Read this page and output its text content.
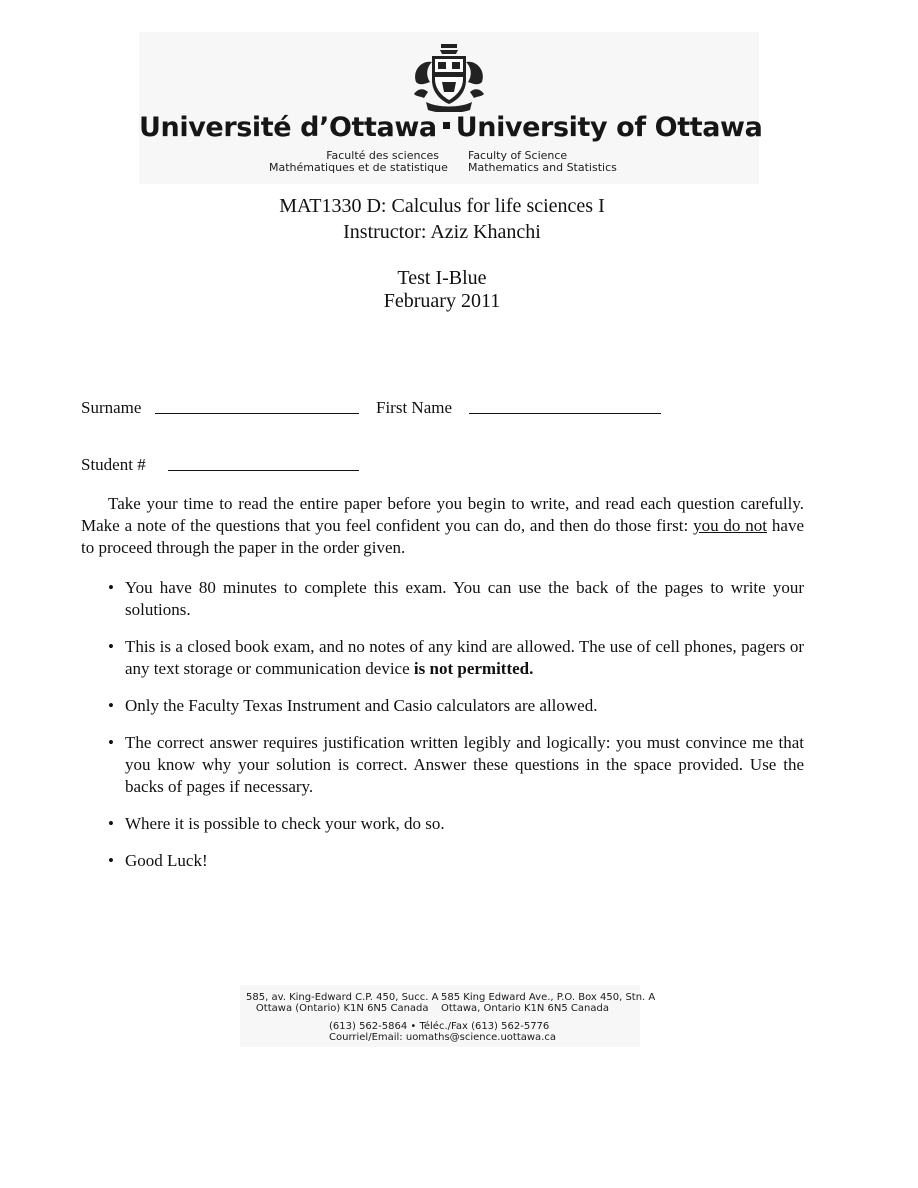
Université d’Ottawa University of Ottawa
Faculté des sciences
Mathématiques et de statistique
Faculty of Science
Mathematics and Statistics
MAT1330 D: Calculus for life sciences I
Instructor: Aziz Khanchi
Test I-Blue
February 2011
Surname	First Name
Student #
Take your time to read the entire paper before you begin to write, and read each question carefully. Make a note of the questions that you feel confident you can do, and then do those first: you do not have to proceed through the paper in the order given.
• You have 80 minutes to complete this exam. You can use the back of the pages to write your solutions.
• This is a closed book exam, and no notes of any kind are allowed. The use of cell phones, pagers or any text storage or communication device is not permitted.
• Only the Faculty Texas Instrument and Casio calculators are allowed.
• The correct answer requires justification written legibly and logically: you must convince me that you know why your solution is correct. Answer these questions in the space provided. Use the backs of pages if necessary.
• Where it is possible to check your work, do so.
• Good Luck!
585, av. King-Edward C.P. 450, Succ. A
Ottawa (Ontario) K1N 6N5 Canada
585 King Edward Ave., P.O. Box 450, Stn. A
Ottawa, Ontario K1N 6N5 Canada
(613) 562-5864 • Téléc./Fax (613) 562-5776
Courriel/Email: uomaths@science.uottawa.ca
